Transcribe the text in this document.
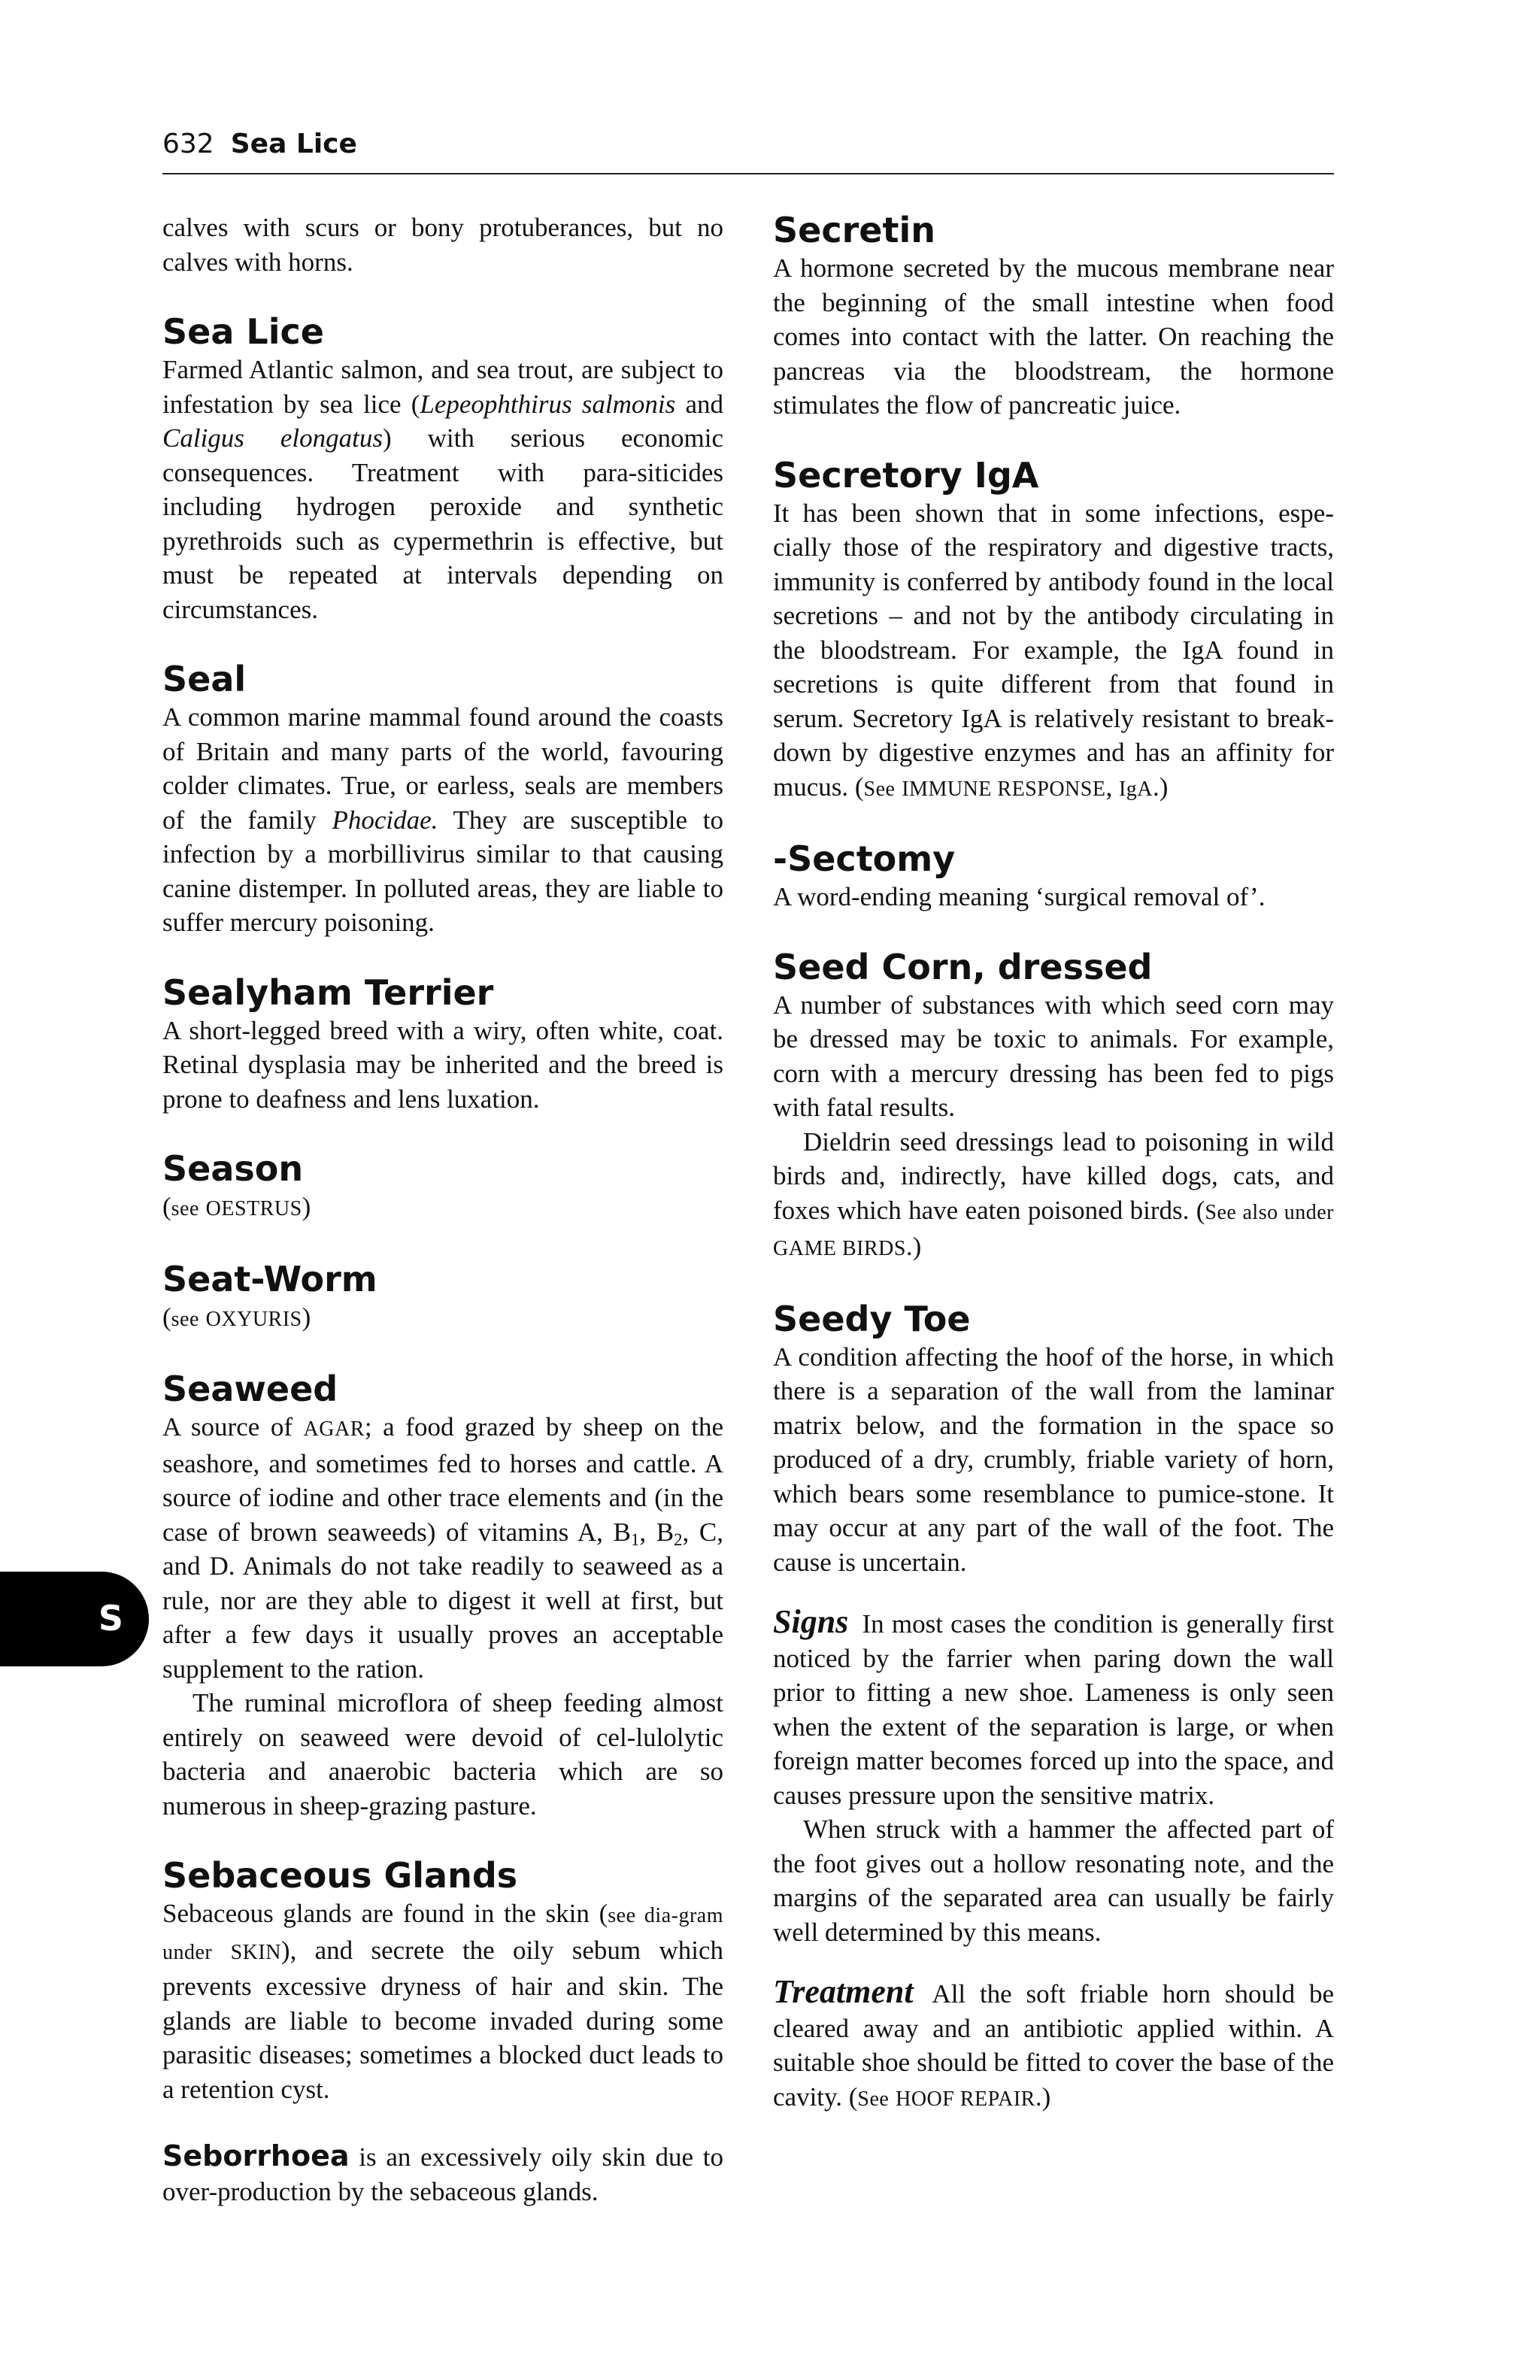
632 Sea Lice
S

calves with scurs or bony protuberances, but no calves with horns.

Sea Lice

Farmed Atlantic salmon, and sea trout, are subject to infestation by sea lice (Lepeophthirus salmonis and Caligus elongatus) with serious economic consequences. Treatment with para-siticides including hydrogen peroxide and synthetic pyrethroids such as cypermethrin is effective, but must be repeated at intervals depending on circumstances.

Seal

A common marine mammal found around the coasts of Britain and many parts of the world, favouring colder climates. True, or earless, seals are members of the family Phocidae. They are susceptible to infection by a morbillivirus similar to that causing canine distemper. In polluted areas, they are liable to suffer mercury poisoning.

Sealyham Terrier

A short-legged breed with a wiry, often white, coat. Retinal dysplasia may be inherited and the breed is prone to deafness and lens luxation.

Season

(see OESTRUS)

Seat-Worm

(see OXYURIS)

Seaweed

A source of AGAR; a food grazed by sheep on the seashore, and sometimes fed to horses and cattle. A source of iodine and other trace elements and (in the case of brown seaweeds) of vitamins A, $B_1$, $B_2$, C, and D. Animals do not take readily to seaweed as a rule, nor are they able to digest it well at first, but after a few days it usually proves an acceptable supplement to the ration.

The ruminal microflora of sheep feeding almost entirely on seaweed were devoid of cel-lulolytic bacteria and anaerobic bacteria which are so numerous in sheep-grazing pasture.

Sebaceous Glands

Sebaceous glands are found in the skin (see dia-gram under SKIN), and secrete the oily sebum which prevents excessive dryness of hair and skin. The glands are liable to become invaded during some parasitic diseases; sometimes a blocked duct leads to a retention cyst.

Seborrhoea is an excessively oily skin due to over-production by the sebaceous glands.

Secretin

A hormone secreted by the mucous membrane near the beginning of the small intestine when food comes into contact with the latter. On reaching the pancreas via the bloodstream, the hormone stimulates the flow of pancreatic juice.

Secretory IgA

It has been shown that in some infections, espe-cially those of the respiratory and digestive tracts, immunity is conferred by antibody found in the local secretions – and not by the antibody circulating in the bloodstream. For example, the IgA found in secretions is quite different from that found in serum. Secretory IgA is relatively resistant to break-down by digestive enzymes and has an affinity for mucus. (See IMMUNE RESPONSE, IgA.)

-Sectomy

A word-ending meaning ‘surgical removal of’.

Seed Corn, dressed

A number of substances with which seed corn may be dressed may be toxic to animals. For example, corn with a mercury dressing has been fed to pigs with fatal results.

Dieldrin seed dressings lead to poisoning in wild birds and, indirectly, have killed dogs, cats, and foxes which have eaten poisoned birds. (See also under GAME BIRDS.)

Seedy Toe

A condition affecting the hoof of the horse, in which there is a separation of the wall from the laminar matrix below, and the formation in the space so produced of a dry, crumbly, friable variety of horn, which bears some resemblance to pumice-stone. It may occur at any part of the wall of the foot. The cause is uncertain.

Signs In most cases the condition is generally first noticed by the farrier when paring down the wall prior to fitting a new shoe. Lameness is only seen when the extent of the separation is large, or when foreign matter becomes forced up into the space, and causes pressure upon the sensitive matrix.

When struck with a hammer the affected part of the foot gives out a hollow resonating note, and the margins of the separated area can usually be fairly well determined by this means.

Treatment All the soft friable horn should be cleared away and an antibiotic applied within. A suitable shoe should be fitted to cover the base of the cavity. (See HOOF REPAIR.)
